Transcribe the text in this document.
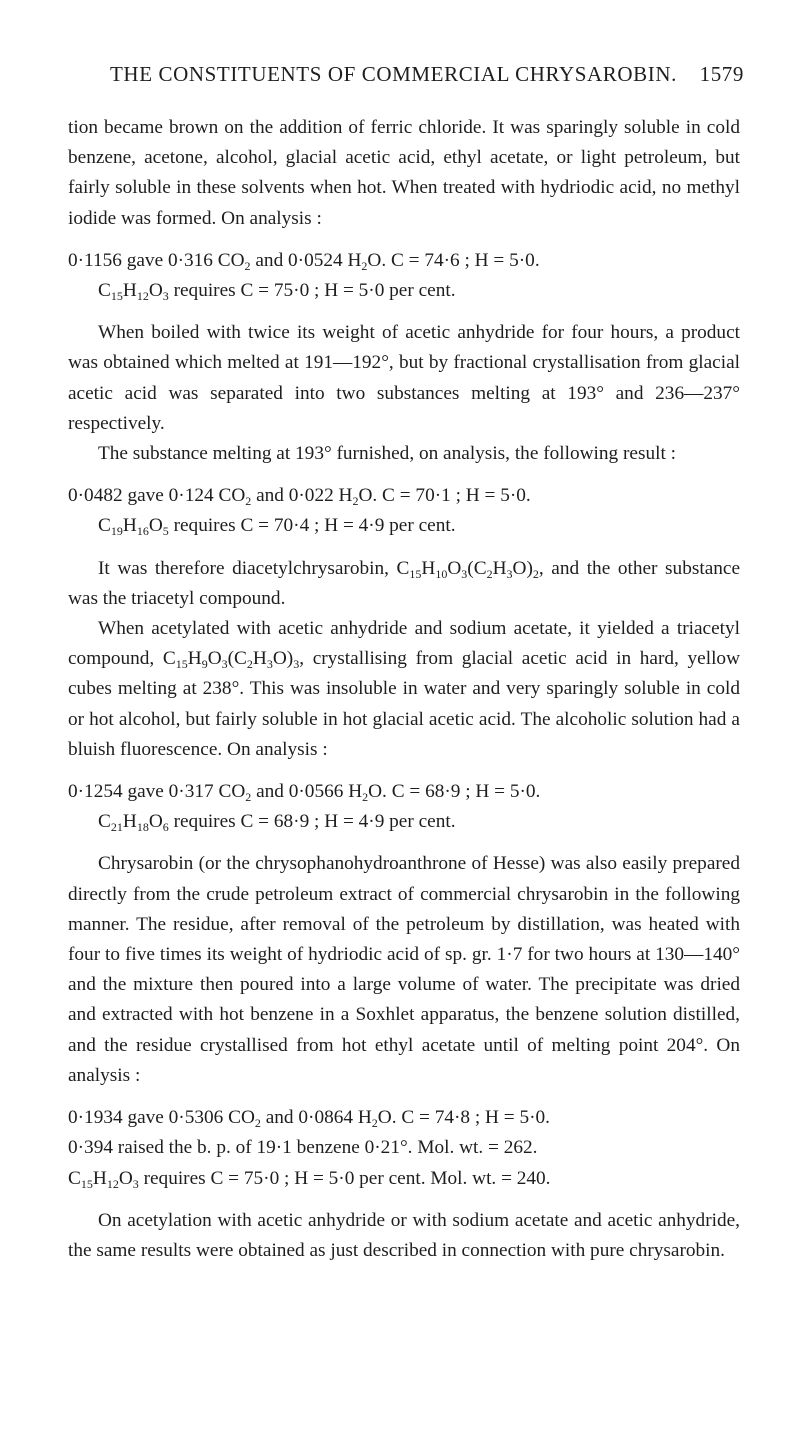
THE CONSTITUENTS OF COMMERCIAL CHRYSAROBIN. 1579

tion became brown on the addition of ferric chloride. It was sparingly soluble in cold benzene, acetone, alcohol, glacial acetic acid, ethyl acetate, or light petroleum, but fairly soluble in these solvents when hot. When treated with hydriodic acid, no methyl iodide was formed. On analysis :

0·1156 gave 0·316 $CO_2$ and 0·0524 $H_2O$. C = 74·6 ; H = 5·0.
$C_{15}H_{12}O_3$ requires C = 75·0 ; H = 5·0 per cent.

When boiled with twice its weight of acetic anhydride for four hours, a product was obtained which melted at 191—192°, but by fractional crystallisation from glacial acetic acid was separated into two substances melting at 193° and 236—237° respectively.

The substance melting at 193° furnished, on analysis, the following result :

0·0482 gave 0·124 $CO_2$ and 0·022 $H_2O$. C = 70·1 ; H = 5·0.
$C_{19}H_{16}O_5$ requires C = 70·4 ; H = 4·9 per cent.

It was therefore diacetylchrysarobin, $C_{15}H_{10}O_3(C_2H_3O)_2$, and the other substance was the triacetyl compound.

When acetylated with acetic anhydride and sodium acetate, it yielded a triacetyl compound, $C_{15}H_9O_3(C_2H_3O)_3$, crystallising from glacial acetic acid in hard, yellow cubes melting at 238°. This was insoluble in water and very sparingly soluble in cold or hot alcohol, but fairly soluble in hot glacial acetic acid. The alcoholic solution had a bluish fluorescence. On analysis :

0·1254 gave 0·317 $CO_2$ and 0·0566 $H_2O$. C = 68·9 ; H = 5·0.
$C_{21}H_{18}O_6$ requires C = 68·9 ; H = 4·9 per cent.

Chrysarobin (or the chrysophanohydroanthrone of Hesse) was also easily prepared directly from the crude petroleum extract of commercial chrysarobin in the following manner. The residue, after removal of the petroleum by distillation, was heated with four to five times its weight of hydriodic acid of sp. gr. 1·7 for two hours at 130—140° and the mixture then poured into a large volume of water. The precipitate was dried and extracted with hot benzene in a Soxhlet apparatus, the benzene solution distilled, and the residue crystallised from hot ethyl acetate until of melting point 204°. On analysis :

0·1934 gave 0·5306 $CO_2$ and 0·0864 $H_2O$. C = 74·8 ; H = 5·0.
0·394 raised the b. p. of 19·1 benzene 0·21°. Mol. wt. = 262.
$C_{15}H_{12}O_3$ requires C = 75·0 ; H = 5·0 per cent. Mol. wt. = 240.

On acetylation with acetic anhydride or with sodium acetate and acetic anhydride, the same results were obtained as just described in connection with pure chrysarobin.
